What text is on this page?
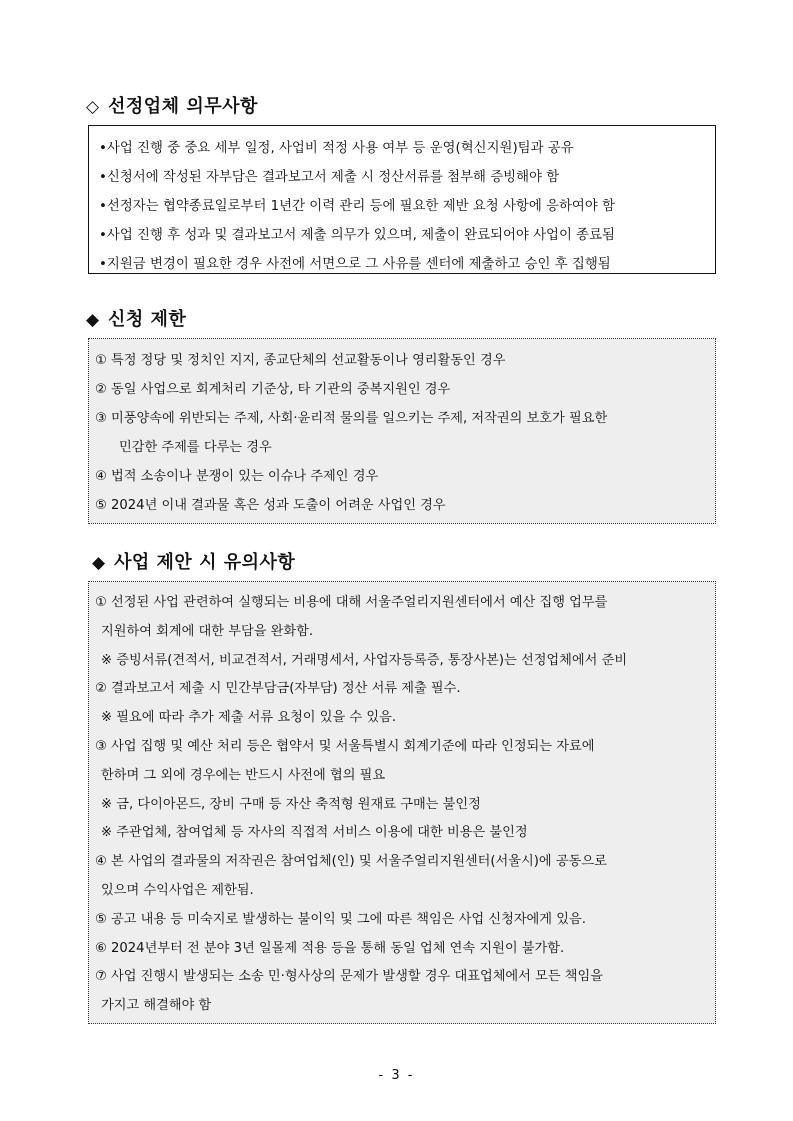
◇ 선정업체 의무사항
•사업 진행 중 중요 세부 일정, 사업비 적정 사용 여부 등 운영(혁신지원)팀과 공유
•신청서에 작성된 자부담은 결과보고서 제출 시 정산서류를 첨부해 증빙해야 함
•선정자는 협약종료일로부터 1년간 이력 관리 등에 필요한 제반 요청 사항에 응하여야 함
•사업 진행 후 성과 및 결과보고서 제출 의무가 있으며, 제출이 완료되어야 사업이 종료됨
•지원금 변경이 필요한 경우 사전에 서면으로 그 사유를 센터에 제출하고 승인 후 집행됨
◆ 신청 제한
① 특정 정당 및 정치인 지지, 종교단체의 선교활동이나 영리활동인 경우
② 동일 사업으로 회계처리 기준상, 타 기관의 중복지원인 경우
③ 미풍양속에 위반되는 주제, 사회·윤리적 물의를 일으키는 주제, 저작권의 보호가 필요한
민감한 주제를 다루는 경우
④ 법적 소송이나 분쟁이 있는 이슈나 주제인 경우
⑤ 2024년 이내 결과물 혹은 성과 도출이 어려운 사업인 경우
◆ 사업 제안 시 유의사항
① 선정된 사업 관련하여 실행되는 비용에 대해 서울주얼리지원센터에서 예산 집행 업무를
지원하여 회계에 대한 부담을 완화함.
※ 증빙서류(견적서, 비교견적서, 거래명세서, 사업자등록증, 통장사본)는 선정업체에서 준비
② 결과보고서 제출 시 민간부담금(자부담) 정산 서류 제출 필수.
※ 필요에 따라 추가 제출 서류 요청이 있을 수 있음.
③ 사업 집행 및 예산 처리 등은 협약서 및 서울특별시 회계기준에 따라 인정되는 자료에
한하며 그 외에 경우에는 반드시 사전에 협의 필요
※ 금, 다이아몬드, 장비 구매 등 자산 축적형 원재료 구매는 불인정
※ 주관업체, 참여업체 등 자사의 직접적 서비스 이용에 대한 비용은 불인정
④ 본 사업의 결과물의 저작권은 참여업체(인) 및 서울주얼리지원센터(서울시)에 공동으로
있으며 수익사업은 제한됨.
⑤ 공고 내용 등 미숙지로 발생하는 불이익 및 그에 따른 책임은 사업 신청자에게 있음.
⑥ 2024년부터 전 분야 3년 일몰제 적용 등을 통해 동일 업체 연속 지원이 불가함.
⑦ 사업 진행시 발생되는 소송 민·형사상의 문제가 발생할 경우 대표업체에서 모든 책임을
가지고 해결해야 함
- 3 -
